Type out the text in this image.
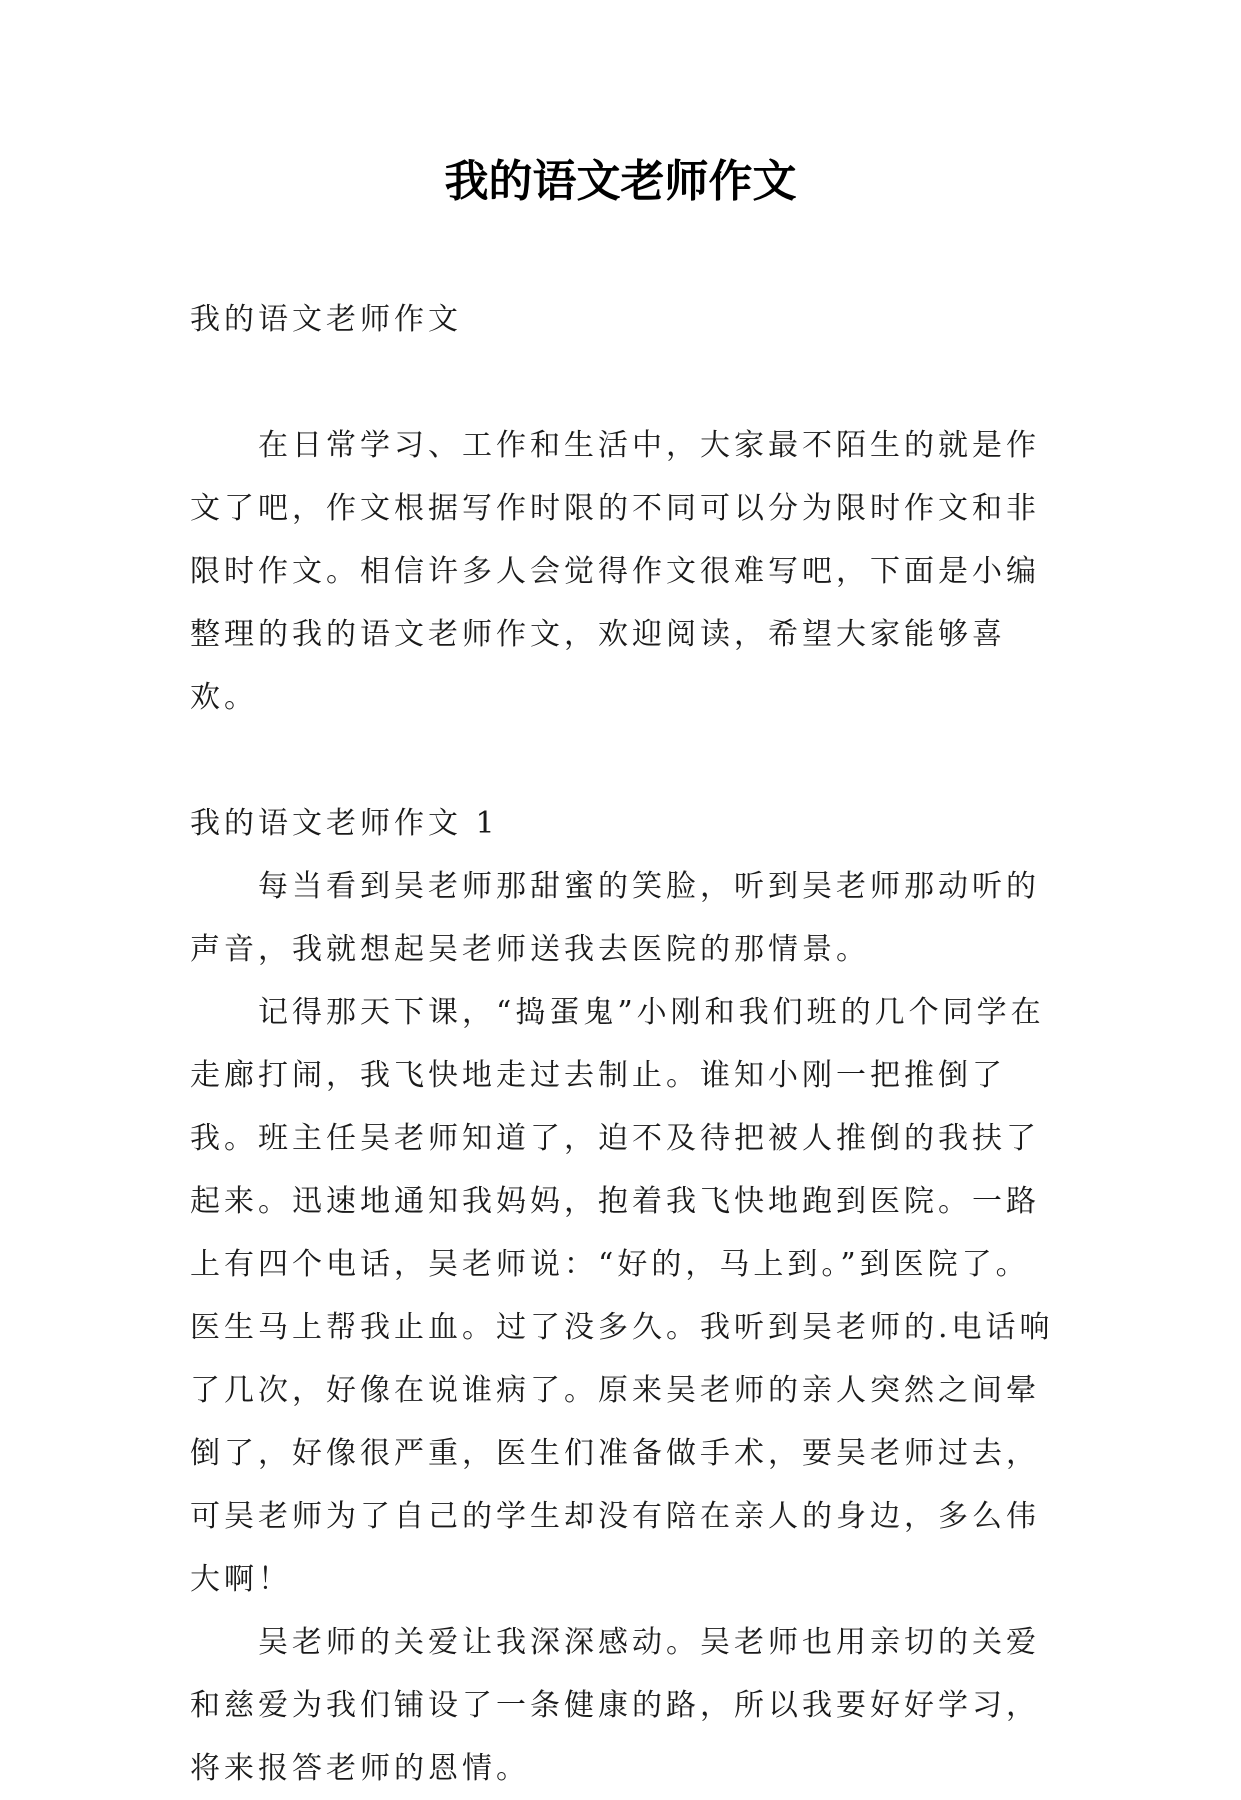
我的语文老师作文

我的语文老师作文

在日常学习、工作和生活中，大家最不陌生的就是作文了吧，作文根据写作时限的不同可以分为限时作文和非限时作文。相信许多人会觉得作文很难写吧，下面是小编整理的我的语文老师作文，欢迎阅读，希望大家能够喜欢。

我的语文老师作文 1

每当看到吴老师那甜蜜的笑脸，听到吴老师那动听的声音，我就想起吴老师送我去医院的那情景。

记得那天下课，“捣蛋鬼”小刚和我们班的几个同学在走廊打闹，我飞快地走过去制止。谁知小刚一把推倒了我。班主任吴老师知道了，迫不及待把被人推倒的我扶了起来。迅速地通知我妈妈，抱着我飞快地跑到医院。一路上有四个电话，吴老师说：“好的，马上到。”到医院了。医生马上帮我止血。过了没多久。我听到吴老师的.电话响了几次，好像在说谁病了。原来吴老师的亲人突然之间晕倒了，好像很严重，医生们准备做手术，要吴老师过去，可吴老师为了自己的学生却没有陪在亲人的身边，多么伟大啊！

吴老师的关爱让我深深感动。吴老师也用亲切的关爱和慈爱为我们铺设了一条健康的路，所以我要好好学习，将来报答老师的恩情。
